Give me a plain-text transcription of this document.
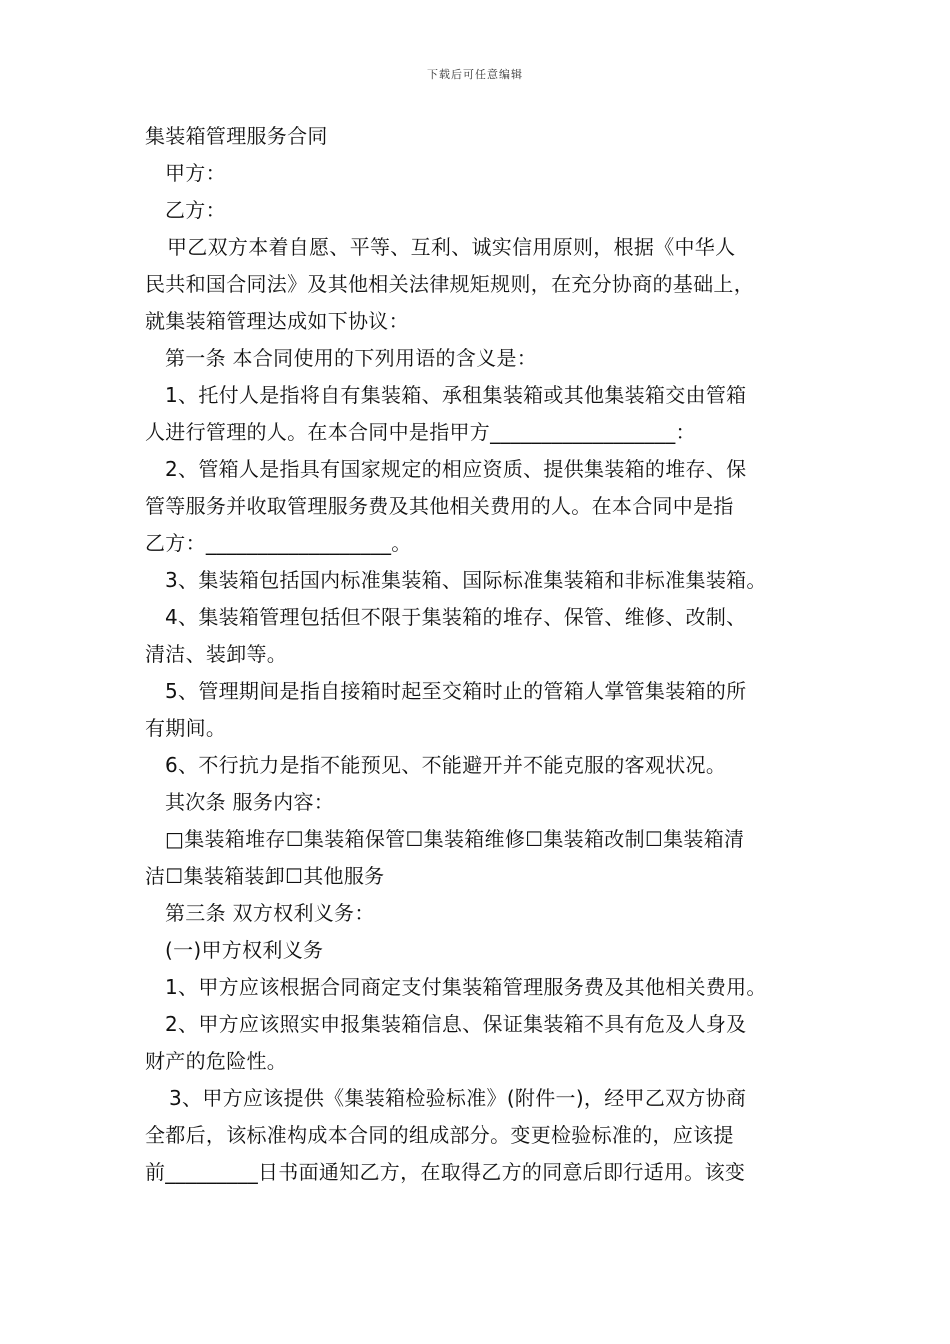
下载后可任意编辑
集装箱管理服务合同
甲方：
乙方：
甲乙双方本着自愿、平等、互利、诚实信用原则，根据《中华人
民共和国合同法》及其他相关法律规矩规则，在充分协商的基础上，
就集装箱管理达成如下协议：
第一条 本合同使用的下列用语的含义是：
1、托付人是指将自有集装箱、承租集装箱或其他集装箱交由管箱
人进行管理的人。在本合同中是指甲方__________________：
2、管箱人是指具有国家规定的相应资质、提供集装箱的堆存、保
管等服务并收取管理服务费及其他相关费用的人。在本合同中是指
乙方：__________________。
3、集装箱包括国内标准集装箱、国际标准集装箱和非标准集装箱。
4、集装箱管理包括但不限于集装箱的堆存、保管、维修、改制、
清洁、装卸等。
5、管理期间是指自接箱时起至交箱时止的管箱人掌管集装箱的所
有期间。
6、不行抗力是指不能预见、不能避开并不能克服的客观状况。
其次条 服务内容：
□集装箱堆存☐集装箱保管☐集装箱维修☐集装箱改制☐集装箱清
洁☐集装箱装卸☐其他服务
第三条 双方权利义务：
(一)甲方权利义务
1、甲方应该根据合同商定支付集装箱管理服务费及其他相关费用。
2、甲方应该照实申报集装箱信息、保证集装箱不具有危及人身及
财产的危险性。
3、甲方应该提供《集装箱检验标准》(附件一)，经甲乙双方协商
全都后，该标准构成本合同的组成部分。变更检验标准的，应该提
前_________日书面通知乙方，在取得乙方的同意后即行适用。该变
